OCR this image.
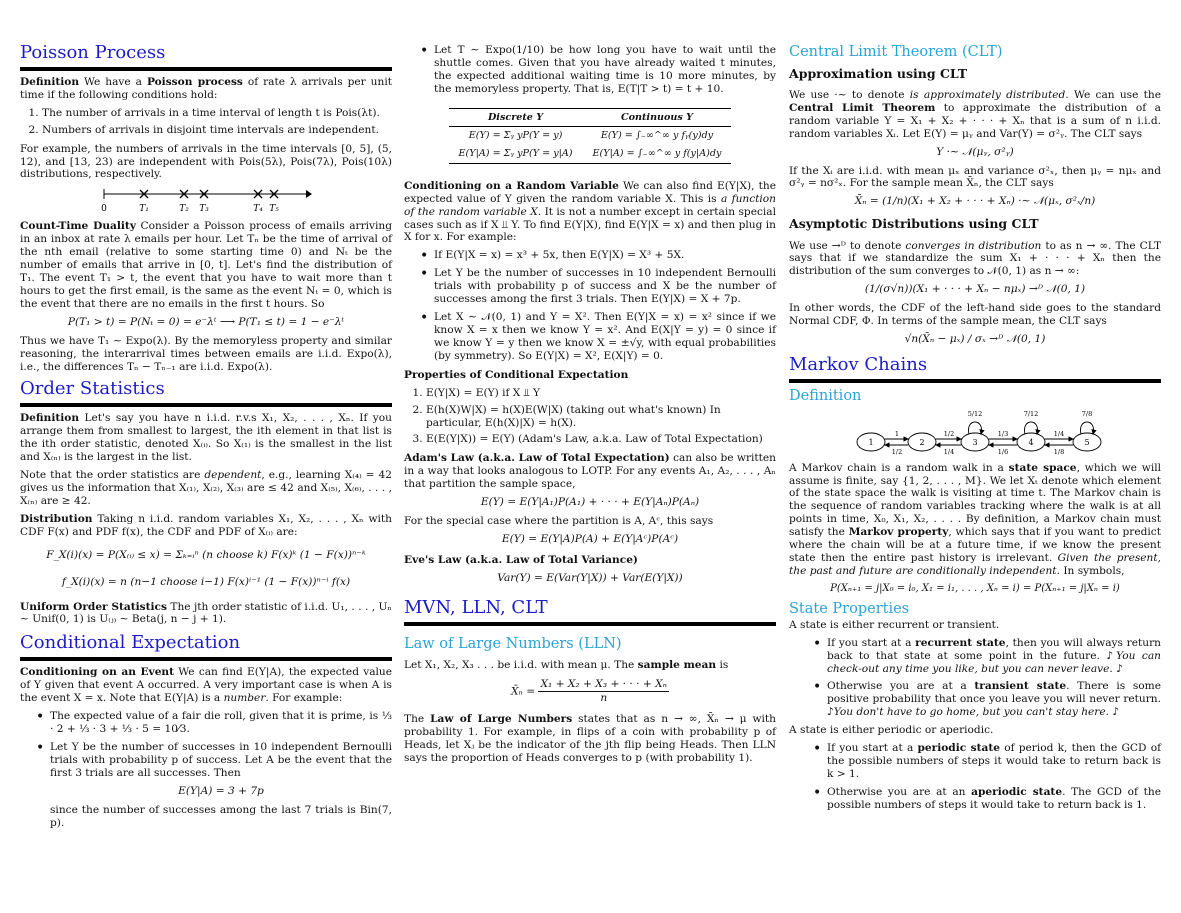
Poisson Process

Definition We have a Poisson process of rate λ arrivals per unit time if the following conditions hold:

1. The number of arrivals in a time interval of length t is Pois(λt).
2. Numbers of arrivals in disjoint time intervals are independent.

For example, the numbers of arrivals in the time intervals [0, 5], (5, 12), and [13, 23) are independent with Pois(5λ), Pois(7λ), Pois(10λ) distributions, respectively.

0	T₁	T₂ T₃	T₄ T₅

Count-Time Duality Consider a Poisson process of emails arriving in an inbox at rate λ emails per hour. Let Tₙ be the time of arrival of the nth email (relative to some starting time 0) and Nₜ be the number of emails that arrive in [0, t]. Let's find the distribution of T₁. The event T₁ > t, the event that you have to wait more than t hours to get the first email, is the same as the event Nₜ = 0, which is the event that there are no emails in the first t hours. So

P(T₁ > t) = P(Nₜ = 0) = e⁻λᵗ ⟶ P(T₁ ≤ t) = 1 − e⁻λᵗ

Thus we have T₁ ∼ Expo(λ). By the memoryless property and similar reasoning, the interarrival times between emails are i.i.d. Expo(λ), i.e., the differences Tₙ − Tₙ₋₁ are i.i.d. Expo(λ).

Order Statistics

Definition Let's say you have n i.i.d. r.v.s X₁, X₂, . . . , Xₙ. If you arrange them from smallest to largest, the ith element in that list is the ith order statistic, denoted X₍ᵢ₎. So X₍₁₎ is the smallest in the list and X₍ₙ₎ is the largest in the list.

Note that the order statistics are dependent, e.g., learning X₍₄₎ = 42 gives us the information that X₍₁₎, X₍₂₎, X₍₃₎ are ≤ 42 and X₍₅₎, X₍₆₎, . . . , X₍ₙ₎ are ≥ 42.

Distribution Taking n i.i.d. random variables X₁, X₂, . . . , Xₙ with CDF F(x) and PDF f(x), the CDF and PDF of X₍ᵢ₎ are:

F_X(i)(x) = P(X₍ᵢ₎ ≤ x) = Σₖ₌ᵢⁿ (n choose k) F(x)ᵏ (1 − F(x))ⁿ⁻ᵏ
f_X(i)(x) = n (n−1 choose i−1) F(x)ⁱ⁻¹ (1 − F(x))ⁿ⁻ⁱ f(x)

Uniform Order Statistics The jth order statistic of i.i.d. U₁, . . . , Uₙ ∼ Unif(0, 1) is U₍ⱼ₎ ∼ Beta(j, n − j + 1).

Conditional Expectation

Conditioning on an Event We can find E(Y|A), the expected value of Y given that event A occurred. A very important case is when A is the event X = x. Note that E(Y|A) is a number. For example:

• The expected value of a fair die roll, given that it is prime, is ⅓ · 2 + ⅓ · 3 + ⅓ · 5 = 10⁄3.
• Let Y be the number of successes in 10 independent Bernoulli trials with probability p of success. Let A be the event that the first 3 trials are all successes. Then
E(Y|A) = 3 + 7p

since the number of successes among the last 7 trials is Bin(7, p).

• Let T ∼ Expo(1/10) be how long you have to wait until the shuttle comes. Given that you have already waited t minutes, the expected additional waiting time is 10 more minutes, by the memoryless property. That is, E(T|T > t) = t + 10.
Discrete Y	Continuous Y
E(Y) = Σᵧ yP(Y = y)	E(Y) = ∫₋∞^∞ y fᵧ(y)dy
E(Y|A) = Σᵧ yP(Y = y|A)	E(Y|A) = ∫₋∞^∞ y f(y|A)dy

Conditioning on a Random Variable We can also find E(Y|X), the expected value of Y given the random variable X. This is a function of the random variable X. It is not a number except in certain special cases such as if X ⫫ Y. To find E(Y|X), find E(Y|X = x) and then plug in X for x. For example:

• If E(Y|X = x) = x³ + 5x, then E(Y|X) = X³ + 5X.
• Let Y be the number of successes in 10 independent Bernoulli trials with probability p of success and X be the number of successes among the first 3 trials. Then E(Y|X) = X + 7p.
• Let X ∼ 𝒩(0, 1) and Y = X². Then E(Y|X = x) = x² since if we know X = x then we know Y = x². And E(X|Y = y) = 0 since if we know Y = y then we know X = ±√y, with equal probabilities (by symmetry). So E(Y|X) = X², E(X|Y) = 0.

Properties of Conditional Expectation

1. E(Y|X) = E(Y) if X ⫫ Y
2. E(h(X)W|X) = h(X)E(W|X) (taking out what's known) In particular, E(h(X)|X) = h(X).
3. E(E(Y|X)) = E(Y) (Adam's Law, a.k.a. Law of Total Expectation)

Adam's Law (a.k.a. Law of Total Expectation) can also be written in a way that looks analogous to LOTP. For any events A₁, A₂, . . . , Aₙ that partition the sample space,

E(Y) = E(Y|A₁)P(A₁) + · · · + E(Y|Aₙ)P(Aₙ)

For the special case where the partition is A, Aᶜ, this says

E(Y) = E(Y|A)P(A) + E(Y|Aᶜ)P(Aᶜ)

Eve's Law (a.k.a. Law of Total Variance)

Var(Y) = E(Var(Y|X)) + Var(E(Y|X))
MVN, LLN, CLT
Law of Large Numbers (LLN)

Let X₁, X₂, X₃ . . . be i.i.d. with mean μ. The sample mean is

X̄ₙ = $\frac{\text{X₁ + X₂ + X₃ + · · · + Xₙ}}{n}$

The Law of Large Numbers states that as n → ∞, X̄ₙ → μ with probability 1. For example, in flips of a coin with probability p of Heads, let Xⱼ be the indicator of the jth flip being Heads. Then LLN says the proportion of Heads converges to p (with probability 1).

Central Limit Theorem (CLT)
Approximation using CLT

We use ·∼ to denote is approximately distributed. We can use the Central Limit Theorem to approximate the distribution of a random variable Y = X₁ + X₂ + · · · + Xₙ that is a sum of n i.i.d. random variables Xᵢ. Let E(Y) = μᵧ and Var(Y) = σ²ᵧ. The CLT says

Y ·∼ 𝒩(μᵧ, σ²ᵧ)

If the Xᵢ are i.i.d. with mean μₓ and variance σ²ₓ, then μᵧ = nμₓ and σ²ᵧ = nσ²ₓ. For the sample mean X̄ₙ, the CLT says

X̄ₙ = (1/n)(X₁ + X₂ + · · · + Xₙ) ·∼ 𝒩(μₓ, σ²ₓ/n)
Asymptotic Distributions using CLT

We use →ᴰ to denote converges in distribution to as n → ∞. The CLT says that if we standardize the sum X₁ + · · · + Xₙ then the distribution of the sum converges to 𝒩(0, 1) as n → ∞:

(1/(σ√n))(X₁ + · · · + Xₙ − nμₓ) →ᴰ 𝒩(0, 1)

In other words, the CDF of the left-hand side goes to the standard Normal CDF, Φ. In terms of the sample mean, the CLT says

√n(X̄ₙ − μₓ) / σₓ →ᴰ 𝒩(0, 1)
Markov Chains
Definition
1	2	3	4	5
5/12	7/12	7/8
1
1/2
1/2
1/4
1/3
1/6
1/4
1/8

A Markov chain is a random walk in a state space, which we will assume is finite, say {1, 2, . . . , M}. We let Xₜ denote which element of the state space the walk is visiting at time t. The Markov chain is the sequence of random variables tracking where the walk is at all points in time, X₀, X₁, X₂, . . . . By definition, a Markov chain must satisfy the Markov property, which says that if you want to predict where the chain will be at a future time, if we know the present state then the entire past history is irrelevant. Given the present, the past and future are conditionally independent. In symbols,

P(Xₙ₊₁ = j|X₀ = i₀, X₁ = i₁, . . . , Xₙ = i) = P(Xₙ₊₁ = j|Xₙ = i)
State Properties

A state is either recurrent or transient.

• If you start at a recurrent state, then you will always return back to that state at some point in the future. ♪You can check-out any time you like, but you can never leave. ♪
• Otherwise you are at a transient state. There is some positive probability that once you leave you will never return. ♪You don't have to go home, but you can't stay here. ♪

A state is either periodic or aperiodic.

• If you start at a periodic state of period k, then the GCD of the possible numbers of steps it would take to return back is k > 1.
• Otherwise you are at an aperiodic state. The GCD of the possible numbers of steps it would take to return back is 1.
